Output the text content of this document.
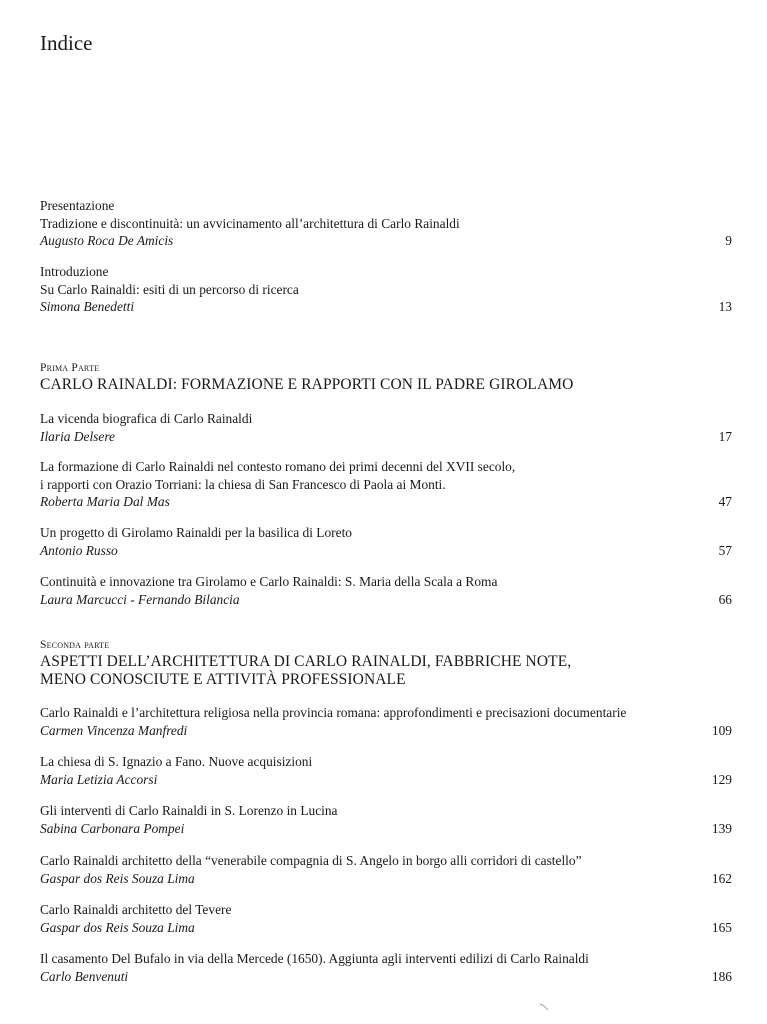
Indice
Presentazione
Tradizione e discontinuità: un avvicinamento all’architettura di Carlo Rainaldi
Augusto Roca De Amicis	9
Introduzione
Su Carlo Rainaldi: esiti di un percorso di ricerca
Simona Benedetti	13
Prima Parte
CARLO RAINALDI: FORMAZIONE E RAPPORTI CON IL PADRE GIROLAMO
La vicenda biografica di Carlo Rainaldi
Ilaria Delsere	17
La formazione di Carlo Rainaldi nel contesto romano dei primi decenni del XVII secolo,
i rapporti con Orazio Torriani: la chiesa di San Francesco di Paola ai Monti.
Roberta Maria Dal Mas	47
Un progetto di Girolamo Rainaldi per la basilica di Loreto
Antonio Russo	57
Continuità e innovazione tra Girolamo e Carlo Rainaldi: S. Maria della Scala a Roma
Laura Marcucci - Fernando Bilancia	66
Seconda parte
ASPETTI DELL’ARCHITETTURA DI CARLO RAINALDI, FABBRICHE NOTE,
MENO CONOSCIUTE E ATTIVITÀ PROFESSIONALE
Carlo Rainaldi e l’architettura religiosa nella provincia romana: approfondimenti e precisazioni documentarie
Carmen Vincenza Manfredi	109
La chiesa di S. Ignazio a Fano. Nuove acquisizioni
Maria Letizia Accorsi	129
Gli interventi di Carlo Rainaldi in S. Lorenzo in Lucina
Sabina Carbonara Pompei	139
Carlo Rainaldi architetto della “venerabile compagnia di S. Angelo in borgo alli corridori di castello”
Gaspar dos Reis Souza Lima	162
Carlo Rainaldi architetto del Tevere
Gaspar dos Reis Souza Lima	165
Il casamento Del Bufalo in via della Mercede (1650). Aggiunta agli interventi edilizi di Carlo Rainaldi
Carlo Benvenuti	186
